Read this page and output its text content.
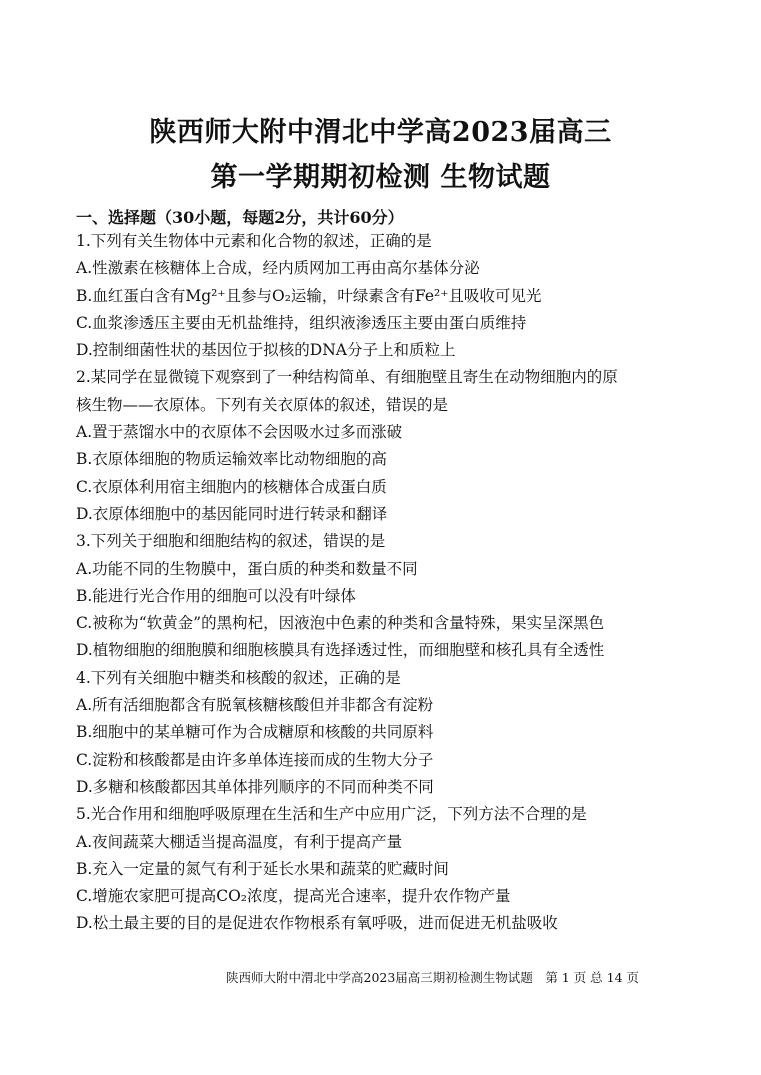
陕西师大附中渭北中学高2023届高三
第一学期期初检测 生物试题
一、选择题（30小题，每题2分，共计60分）
1.下列有关生物体中元素和化合物的叙述，正确的是
A.性激素在核糖体上合成，经内质网加工再由高尔基体分泌
B.血红蛋白含有Mg²⁺且参与O₂运输，叶绿素含有Fe²⁺且吸收可见光
C.血浆渗透压主要由无机盐维持，组织液渗透压主要由蛋白质维持
D.控制细菌性状的基因位于拟核的DNA分子上和质粒上
2.某同学在显微镜下观察到了一种结构简单、有细胞壁且寄生在动物细胞内的原
核生物——衣原体。下列有关衣原体的叙述，错误的是
A.置于蒸馏水中的衣原体不会因吸水过多而涨破
B.衣原体细胞的物质运输效率比动物细胞的高
C.衣原体利用宿主细胞内的核糖体合成蛋白质
D.衣原体细胞中的基因能同时进行转录和翻译
3.下列关于细胞和细胞结构的叙述，错误的是
A.功能不同的生物膜中，蛋白质的种类和数量不同
B.能进行光合作用的细胞可以没有叶绿体
C.被称为“软黄金”的黑枸杞，因液泡中色素的种类和含量特殊，果实呈深黑色
D.植物细胞的细胞膜和细胞核膜具有选择透过性，而细胞壁和核孔具有全透性
4.下列有关细胞中糖类和核酸的叙述，正确的是
A.所有活细胞都含有脱氧核糖核酸但并非都含有淀粉
B.细胞中的某单糖可作为合成糖原和核酸的共同原料
C.淀粉和核酸都是由许多单体连接而成的生物大分子
D.多糖和核酸都因其单体排列顺序的不同而种类不同
5.光合作用和细胞呼吸原理在生活和生产中应用广泛，下列方法不合理的是
A.夜间蔬菜大棚适当提高温度，有利于提高产量
B.充入一定量的氮气有利于延长水果和蔬菜的贮藏时间
C.增施农家肥可提高CO₂浓度，提高光合速率，提升农作物产量
D.松土最主要的目的是促进农作物根系有氧呼吸，进而促进无机盐吸收
陕西师大附中渭北中学高2023届高三期初检测生物试题　第 1 页 总 14 页
